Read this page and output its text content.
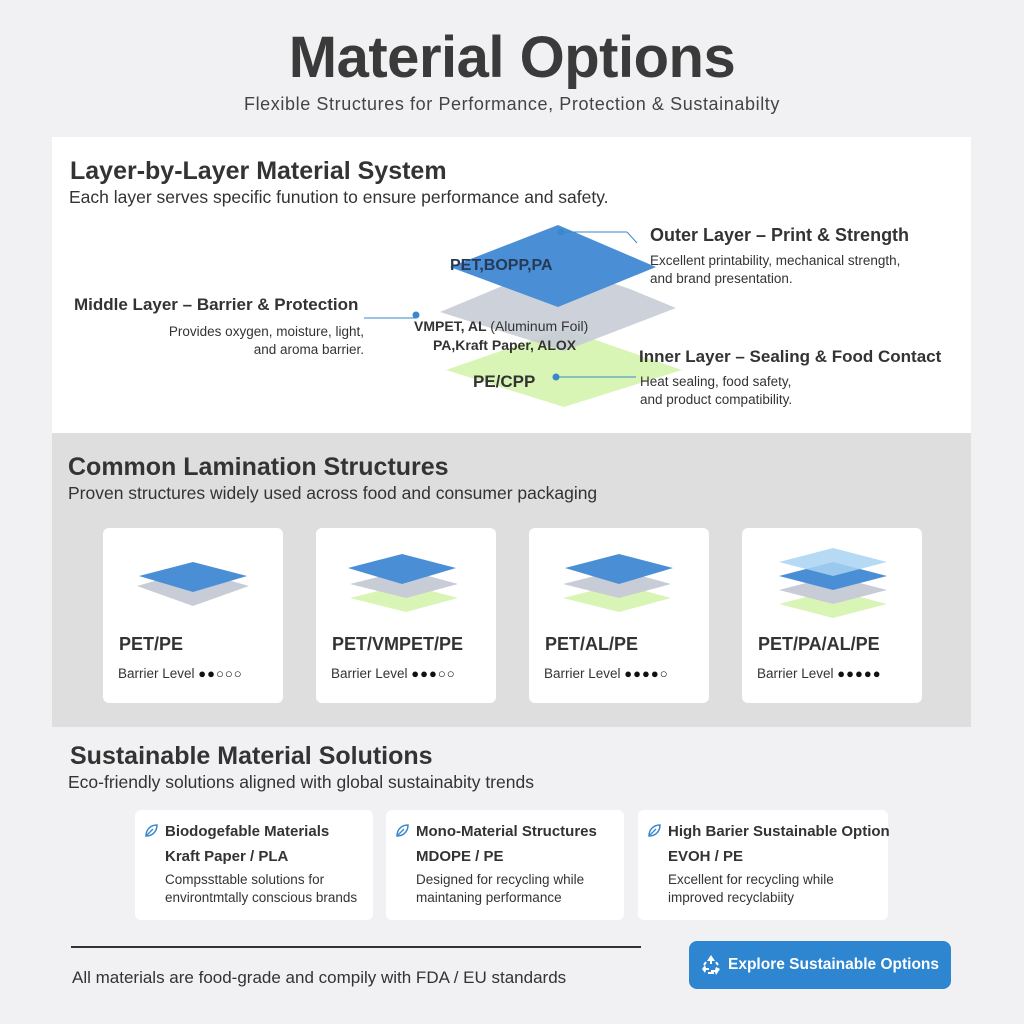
Material Options
Flexible Structures for Performance, Protection & Sustainabilty
Layer-by-Layer Material System
Each layer serves specific funution to ensure performance and safety.
PET,BOPP,PA
VMPET, AL (Aluminum Foil)
PA,Kraft Paper, ALOX
PE/CPP
Outer Layer – Print & Strength
Excellent printability, mechanical strength,
and brand presentation.
Middle Layer – Barrier & Protection
Provides oxygen, moisture, light,
and aroma barrier.	Inner Layer – Sealing & Food Contact
Heat sealing, food safety,
and product compatibility.
Common Lamination Structures
Proven structures widely used across food and consumer packaging
PET/PE
Barrier Level ●●○○○
PET/VMPET/PE
Barrier Level ●●●○○
PET/AL/PE
Barrier Level ●●●●○
PET/PA/AL/PE
Barrier Level ●●●●●
Sustainable Material Solutions
Eco-friendly solutions aligned with global sustainabity trends
Biodogefable Materials
Kraft Paper / PLA
Compssttable solutions for
environtmtally conscious brands
Mono-Material Structures
MDOPE / PE
Designed for recycling while
maintaning performance
High Barier Sustainable Option
EVOH / PE
Excellent for recycling while
improved recyclabiity
All materials are food-grade and compily with FDA / EU standards
Explore Sustainable Options
